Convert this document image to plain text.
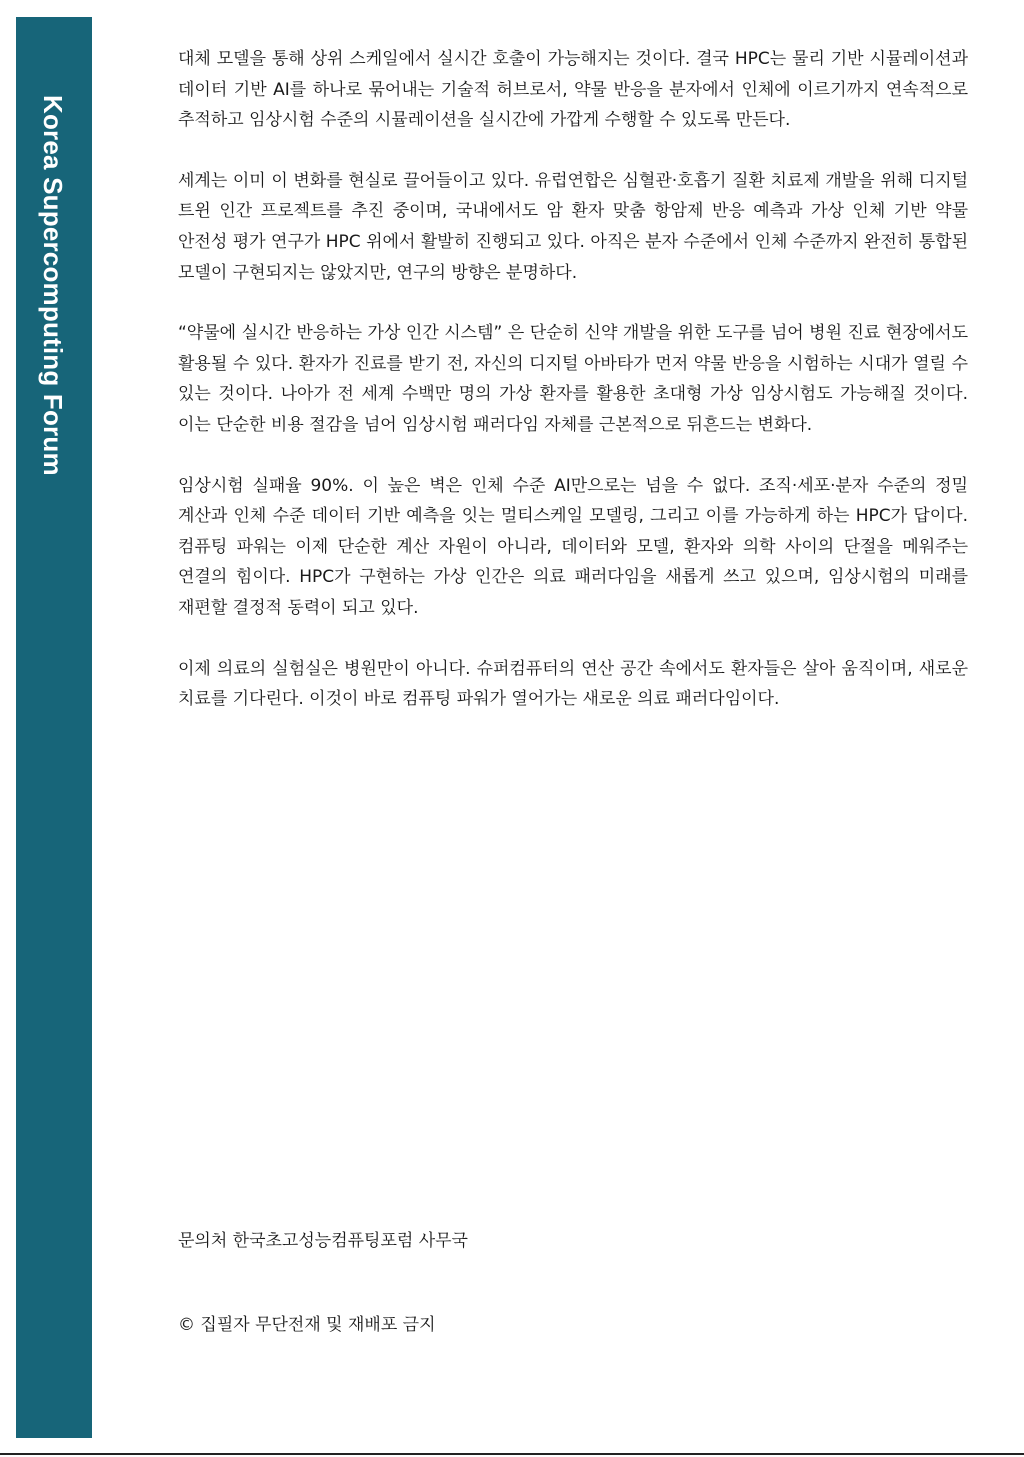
Korea Supercomputing Forum

대체 모델을 통해 상위 스케일에서 실시간 호출이 가능해지는 것이다. 결국 HPC는 물리 기반 시뮬레이션과 데이터 기반 AI를 하나로 묶어내는 기술적 허브로서, 약물 반응을 분자에서 인체에 이르기까지 연속적으로 추적하고 임상시험 수준의 시뮬레이션을 실시간에 가깝게 수행할 수 있도록 만든다.

세계는 이미 이 변화를 현실로 끌어들이고 있다. 유럽연합은 심혈관·호흡기 질환 치료제 개발을 위해 디지털 트윈 인간 프로젝트를 추진 중이며, 국내에서도 암 환자 맞춤 항암제 반응 예측과 가상 인체 기반 약물 안전성 평가 연구가 HPC 위에서 활발히 진행되고 있다. 아직은 분자 수준에서 인체 수준까지 완전히 통합된 모델이 구현되지는 않았지만, 연구의 방향은 분명하다.

“약물에 실시간 반응하는 가상 인간 시스템” 은 단순히 신약 개발을 위한 도구를 넘어 병원 진료 현장에서도 활용될 수 있다. 환자가 진료를 받기 전, 자신의 디지털 아바타가 먼저 약물 반응을 시험하는 시대가 열릴 수 있는 것이다. 나아가 전 세계 수백만 명의 가상 환자를 활용한 초대형 가상 임상시험도 가능해질 것이다. 이는 단순한 비용 절감을 넘어 임상시험 패러다임 자체를 근본적으로 뒤흔드는 변화다.

임상시험 실패율 90%. 이 높은 벽은 인체 수준 AI만으로는 넘을 수 없다. 조직·세포·분자 수준의 정밀 계산과 인체 수준 데이터 기반 예측을 잇는 멀티스케일 모델링, 그리고 이를 가능하게 하는 HPC가 답이다. 컴퓨팅 파워는 이제 단순한 계산 자원이 아니라, 데이터와 모델, 환자와 의학 사이의 단절을 메워주는 연결의 힘이다. HPC가 구현하는 가상 인간은 의료 패러다임을 새롭게 쓰고 있으며, 임상시험의 미래를 재편할 결정적 동력이 되고 있다.

이제 의료의 실험실은 병원만이 아니다. 슈퍼컴퓨터의 연산 공간 속에서도 환자들은 살아 움직이며, 새로운 치료를 기다린다. 이것이 바로 컴퓨팅 파워가 열어가는 새로운 의료 패러다임이다.

문의처 한국초고성능컴퓨팅포럼 사무국
© 집필자 무단전재 및 재배포 금지
